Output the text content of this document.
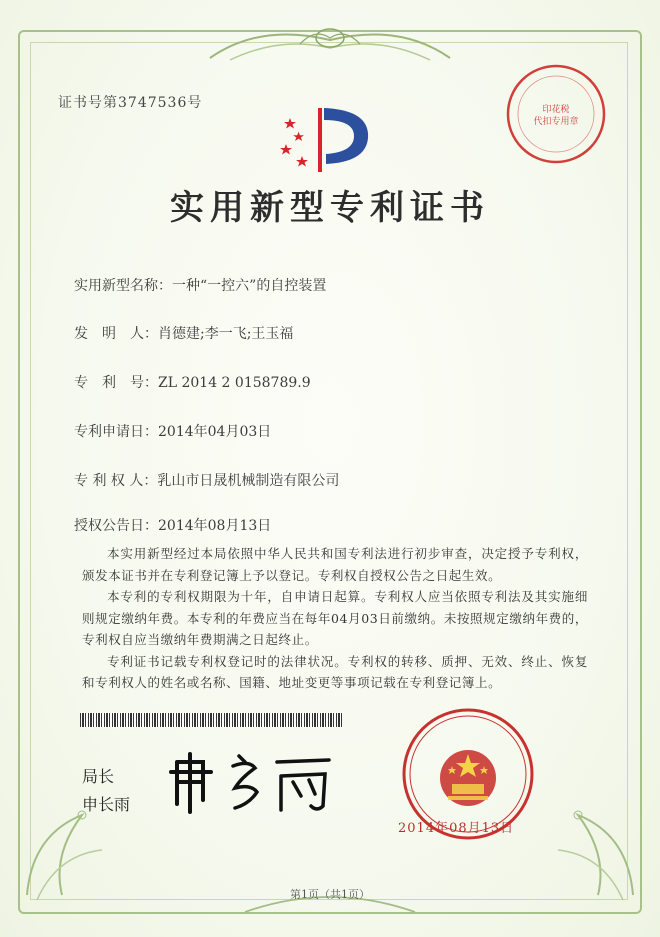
证书号第3747536号	印花税
代扣专用章
实用新型专利证书
实用新型名称：一种“一控六”的自控装置
发　明　人：肖德建;李一飞;王玉福
专　利　号：ZL 2014 2 0158789.9
专利申请日：2014年04月03日
专 利 权 人：乳山市日晟机械制造有限公司
授权公告日：2014年08月13日

本实用新型经过本局依照中华人民共和国专利法进行初步审查，决定授予专利权，颁发本证书并在专利登记簿上予以登记。专利权自授权公告之日起生效。

本专利的专利权期限为十年，自申请日起算。专利权人应当依照专利法及其实施细则规定缴纳年费。本专利的年费应当在每年04月03日前缴纳。未按照规定缴纳年费的，专利权自应当缴纳年费期满之日起终止。

专利证书记载专利权登记时的法律状况。专利权的转移、质押、无效、终止、恢复和专利权人的姓名或名称、国籍、地址变更等事项记载在专利登记簿上。

局长
申长雨
2014年08月13日
第1页（共1页）
